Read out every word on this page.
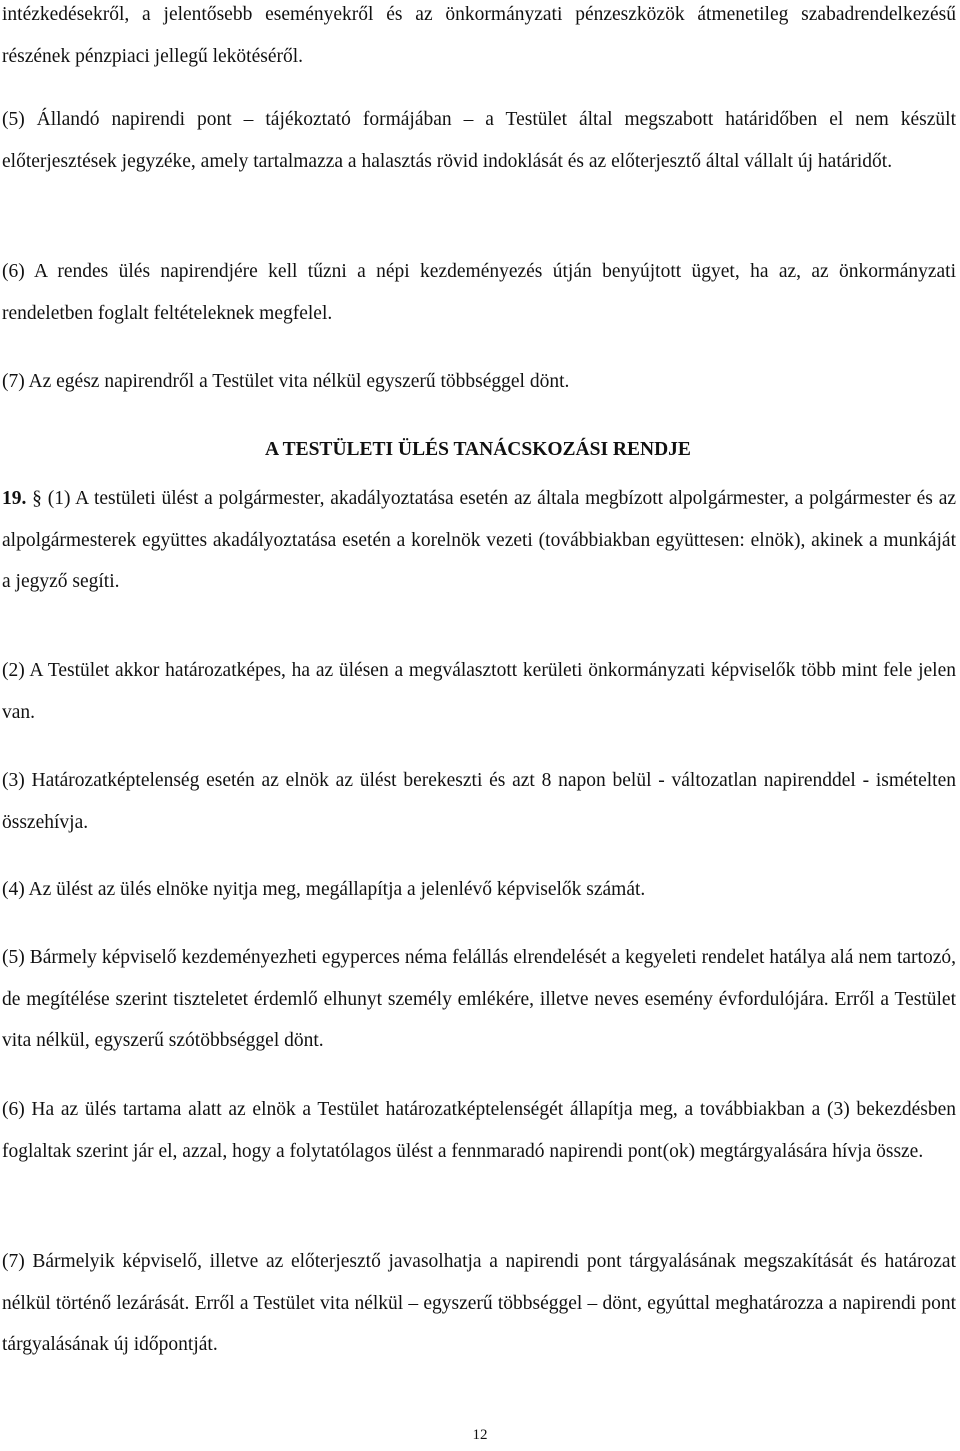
intézkedésekről, a jelentősebb eseményekről és az önkormányzati pénzeszközök átmenetileg szabadrendelkezésű részének pénzpiaci jellegű lekötéséről.

(5) Állandó napirendi pont – tájékoztató formájában – a Testület által megszabott határidőben el nem készült előterjesztések jegyzéke, amely tartalmazza a halasztás rövid indoklását és az előterjesztő által vállalt új határidőt.

(6) A rendes ülés napirendjére kell tűzni a népi kezdeményezés útján benyújtott ügyet, ha az, az önkormányzati rendeletben foglalt feltételeknek megfelel.

(7) Az egész napirendről a Testület vita nélkül egyszerű többséggel dönt.

A TESTÜLETI ÜLÉS TANÁCSKOZÁSI RENDJE

19. § (1) A testületi ülést a polgármester, akadályoztatása esetén az általa megbízott alpolgármester, a polgármester és az alpolgármesterek együttes akadályoztatása esetén a korelnök vezeti (továbbiakban együttesen: elnök), akinek a munkáját a jegyző segíti.

(2) A Testület akkor határozatképes, ha az ülésen a megválasztott kerületi önkormányzati képviselők több mint fele jelen van.

(3) Határozatképtelenség esetén az elnök az ülést berekeszti és azt 8 napon belül - változatlan napirenddel - ismételten összehívja.

(4) Az ülést az ülés elnöke nyitja meg, megállapítja a jelenlévő képviselők számát.

(5) Bármely képviselő kezdeményezheti egyperces néma felállás elrendelését a kegyeleti rendelet hatálya alá nem tartozó, de megítélése szerint tiszteletet érdemlő elhunyt személy emlékére, illetve neves esemény évfordulójára. Erről a Testület vita nélkül, egyszerű szótöbbséggel dönt.

(6) Ha az ülés tartama alatt az elnök a Testület határozatképtelenségét állapítja meg, a továbbiakban a (3) bekezdésben foglaltak szerint jár el, azzal, hogy a folytatólagos ülést a fennmaradó napirendi pont(ok) megtárgyalására hívja össze.

(7) Bármelyik képviselő, illetve az előterjesztő javasolhatja a napirendi pont tárgyalásának megszakítását és határozat nélkül történő lezárását. Erről a Testület vita nélkül – egyszerű többséggel – dönt, egyúttal meghatározza a napirendi pont tárgyalásának új időpontját.

12
